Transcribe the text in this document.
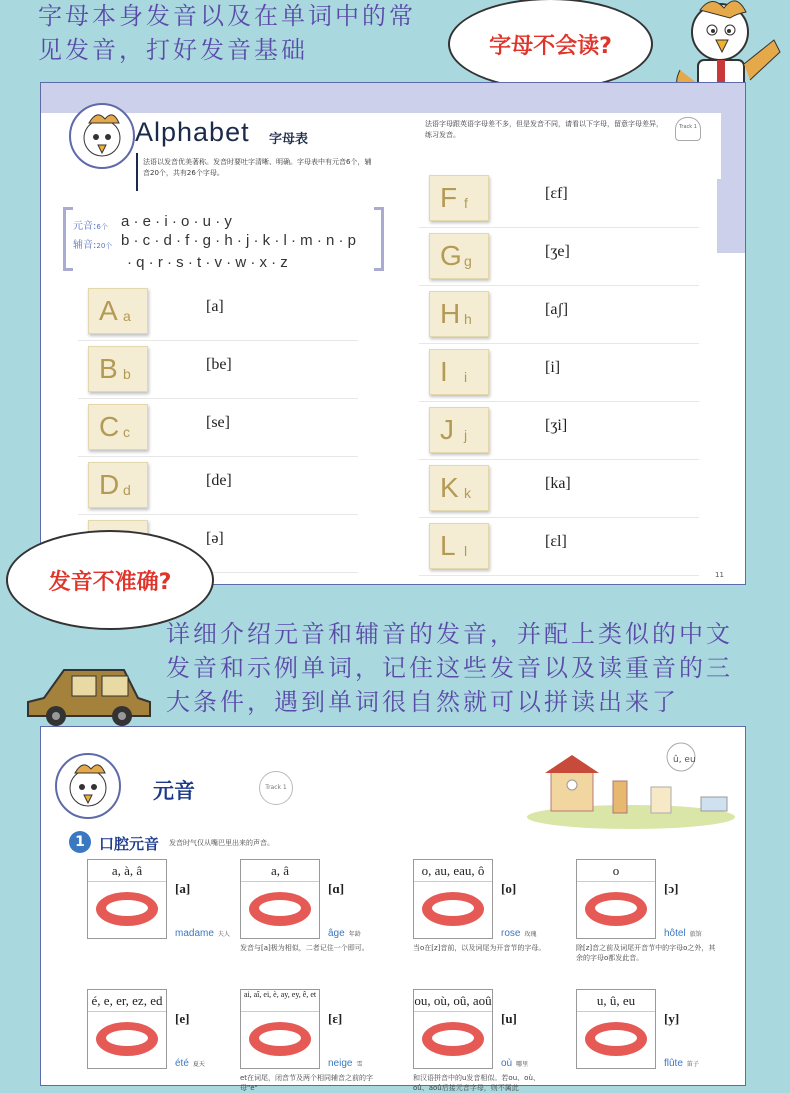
字母本身发音以及在单词中的常
见发音，打好发音基础	字母不会读?
Alphabet 字母表
法语以发音优美著称。发音时要吐字清晰、明确。字母表中有元音6个，辅音20个，共有26个字母。
法语字母跟英语字母差不多，但是发音不同，请看以下字母，留意字母差异，练习发音。
Track 1
元音:6个 a · e · i · o · u · y
辅音:20个 b · c · d · f · g · h · j · k · l · m · n · p
· q · r · s · t · v · w · x · z
A a
[a]
B b
[be]
C c
[se]
D d
[de]
[ə]
F f
[ɛf]
G g
[ʒe]
H h
[aʃ]
I i
[i]
J j
[ʒi]
K k
[ka]
L l
[ɛl]
11
发音不准确?
详细介绍元音和辅音的发音，并配上类似的中文
发音和示例单词，记住这些发音以及读重音的三
大条件，遇到单词很自然就可以拼读出来了
元音	Track 1
û, eu
1 口腔元音 发音时气仅从嘴巴里出来的声音。
a, à, â
[a]
madame 夫人
a, â
[ɑ]
âge 年龄
发音与[a]极为相似，二者记住一个即可。
o, au, eau, ô
[o]
rose 玫瑰
当o在[z]音前，以及词尾为开音节的字母。
o
[ɔ]
hôtel 旅馆
除[z]音之前及词尾开音节中的字母o之外，其余的字母o都发此音。
é, e, er, ez, ed
[e]
été 夏天
ai, aî, ei, è, ay, ey, ê, et
[ɛ]
neige 雪
et在词尾，闭音节及两个相同辅音之前的字母"e"
ou, où, oû, aoû
[u]
où 哪里
和汉语拼音中的u发音相似。若ou、où、oû、aoû后接元音字母，则不属此
u, û, eu
[y]
flûte 笛子
